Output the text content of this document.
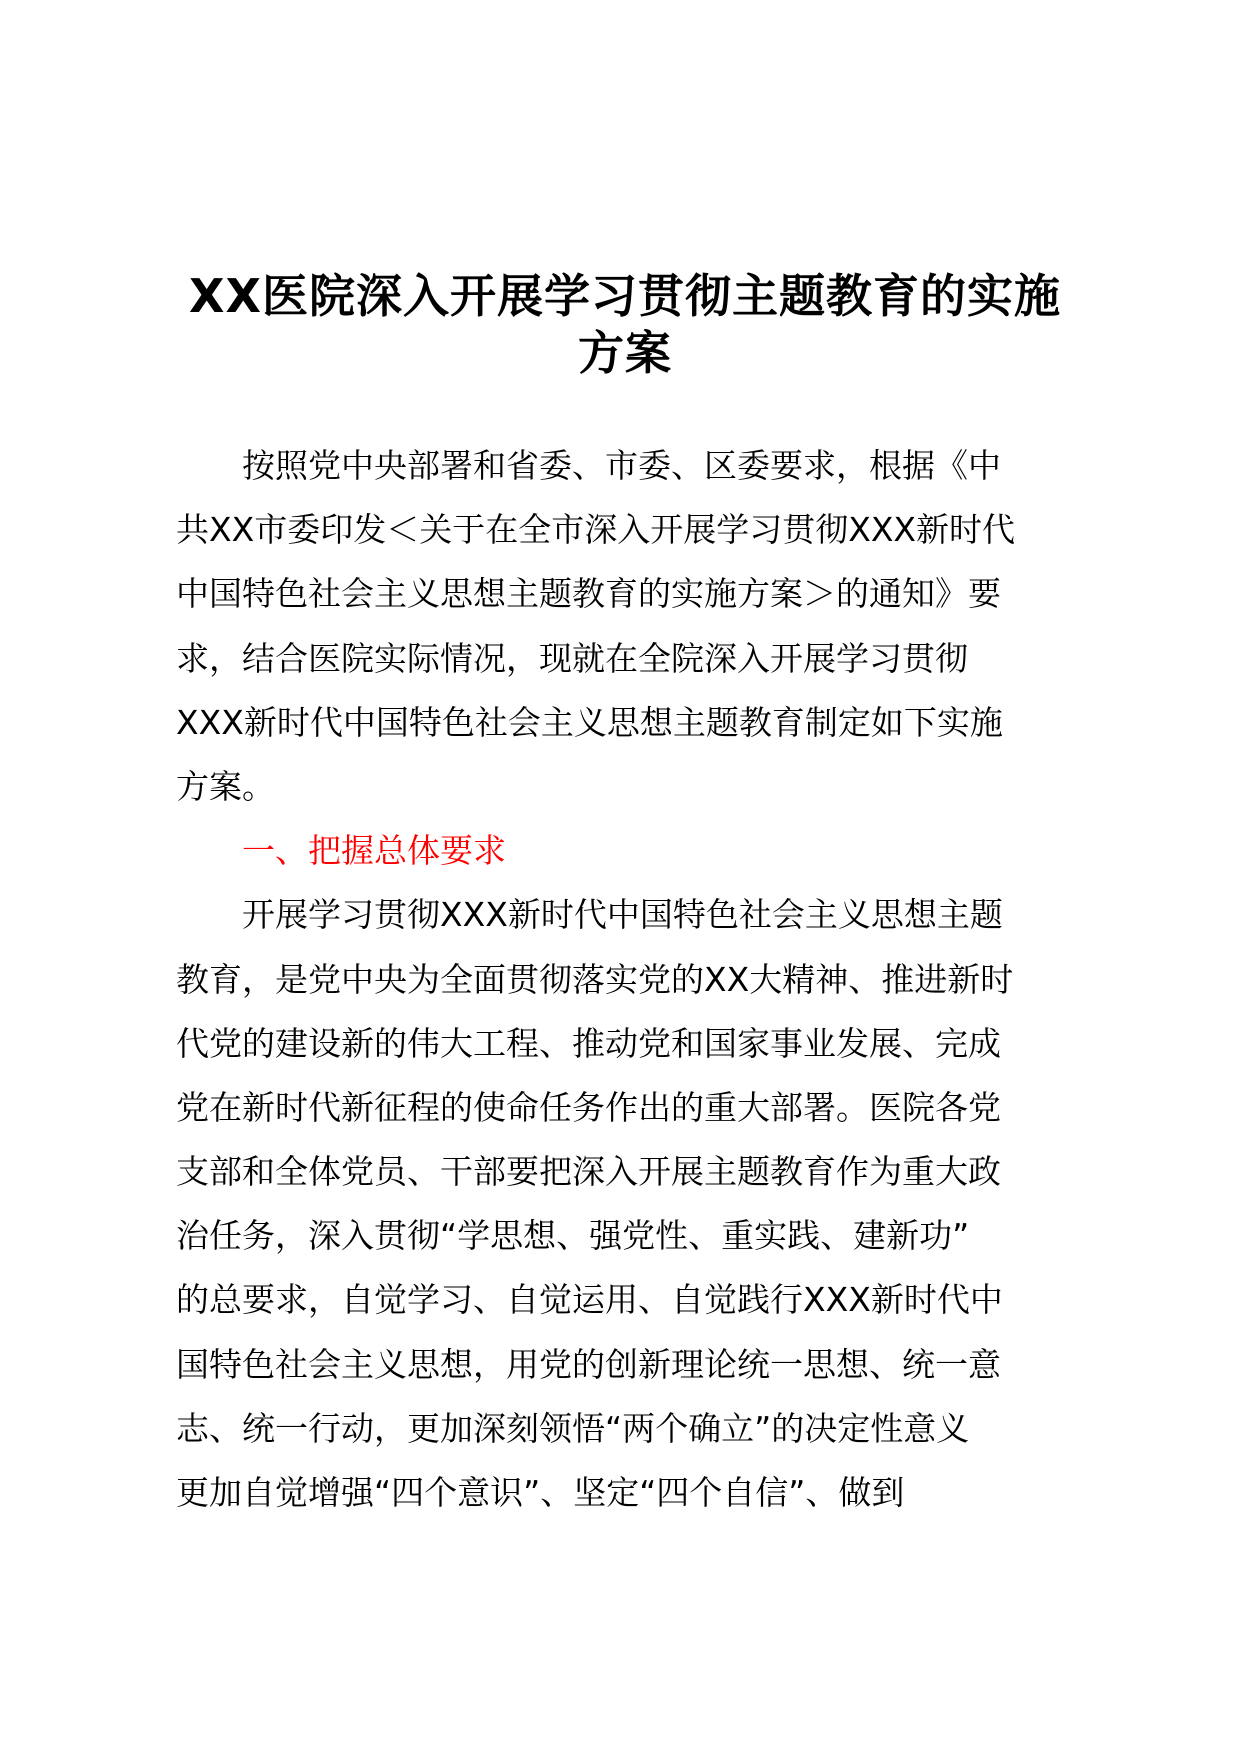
XX医院深入开展学习贯彻主题教育的实施
方案
按照党中央部署和省委、市委、区委要求，根据《中
共XX市委印发＜关于在全市深入开展学习贯彻XXX新时代
中国特色社会主义思想主题教育的实施方案＞的通知》要
求，结合医院实际情况，现就在全院深入开展学习贯彻
XXX新时代中国特色社会主义思想主题教育制定如下实施
方案。
一、把握总体要求
开展学习贯彻XXX新时代中国特色社会主义思想主题
教育，是党中央为全面贯彻落实党的XX大精神、推进新时
代党的建设新的伟大工程、推动党和国家事业发展、完成
党在新时代新征程的使命任务作出的重大部署。医院各党
支部和全体党员、干部要把深入开展主题教育作为重大政
治任务，深入贯彻“学思想、强党性、重实践、建新功”
的总要求，自觉学习、自觉运用、自觉践行XXX新时代中
国特色社会主义思想，用党的创新理论统一思想、统一意
志、统一行动，更加深刻领悟“两个确立”的决定性意义
更加自觉增强“四个意识”、坚定“四个自信”、做到
